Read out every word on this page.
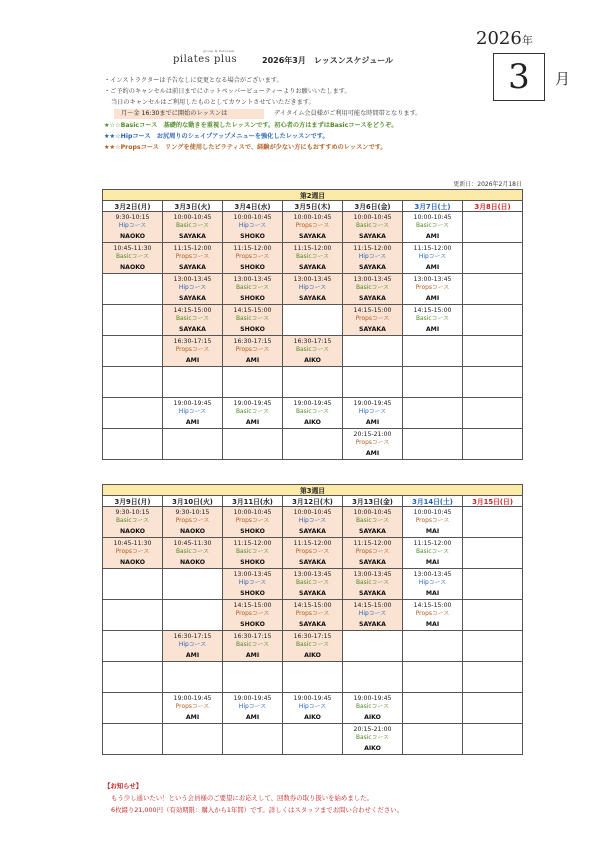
group & Personal
pilates plus	2026年3月　レッスンスケジュール
2026年
3	月
・インストラクターは予告なしに変更となる場合がございます。
・ご予約のキャンセルは前日までにホットペッパービューティーよりお願いいたします。
当日のキャンセルはご利用したものとしてカウントさせていただきます。
月～金 16:30までに開始のレッスンは	デイタイム会員様がご利用可能な時間帯となります。
★☆☆Basicコース　基礎的な動きを重視したレッスンです。初心者の方はまずはBasicコースをどうぞ。
★★☆Hipコース　お尻周りのシェイプアップメニューを強化したレッスンです。
★★☆Propsコース　リングを使用したピラティスで、経験が少ない方にもおすすめのレッスンです。
更新日：2026年2月18日
第2週目						
3月2日(月)	3月3日(火)	3月4日(水)	3月5日(木)	3月6日(金)	3月7日(土)	3月8日(日)

9:30-10:15
Hipコース
NAOKO	10:00-10:45
Basicコース
SAYAKA	10:00-10:45
Hipコース
SHOKO	10:00-10:45
Propsコース
SAYAKA	10:00-10:45
Basicコース
SAYAKA	10:00-10:45
Basicコース
AMI	

10:45-11:30
Basicコース
NAOKO	11:15-12:00
Propsコース
SAYAKA	11:15-12:00
Propsコース
SHOKO	11:15-12:00
Basicコース
SAYAKA	11:15-12:00
Hipコース
SAYAKA	11:15-12:00
Hipコース
AMI	

	13:00-13:45
Hipコース
SAYAKA	13:00-13:45
Basicコース
SHOKO	13:00-13:45
Hipコース
SAYAKA	13:00-13:45
Basicコース
SAYAKA	13:00-13:45
Propsコース
AMI	

	14:15-15:00
Basicコース
SAYAKA	14:15-15:00
Basicコース
SHOKO		14:15-15:00
Propsコース
SAYAKA	14:15-15:00
Basicコース
AMI	

	16:30-17:15
Propsコース
AMI	16:30-17:15
Propsコース
AMI	16:30-17:15
Basicコース
AIKO			

	19:00-19:45
Hipコース
AMI	19:00-19:45
Basicコース
AMI	19:00-19:45
Basicコース
AIKO	19:00-19:45
Hipコース
AMI		

				20:15-21:00
Propsコース
AMI		

第3週目						
3月9日(月)	3月10日(火)	3月11日(水)	3月12日(木)	3月13日(金)	3月14日(土)	3月15日(日)

9:30-10:15
Basicコース
NAOKO	9:30-10:15
Propsコース
NAOKO	10:00-10:45
Propsコース
SHOKO	10:00-10:45
Hipコース
SAYAKA	10:00-10:45
Basicコース
SAYAKA	10:00-10:45
Propsコース
MAI	

10:45-11:30
Propsコース
NAOKO	10:45-11:30
Basicコース
NAOKO	11:15-12:00
Basicコース
SHOKO	11:15-12:00
Propsコース
SAYAKA	11:15-12:00
Propsコース
SAYAKA	11:15-12:00
Basicコース
MAI	

		13:00-13:45
Hipコース
SHOKO	13:00-13:45
Basicコース
SAYAKA	13:00-13:45
Basicコース
SAYAKA	13:00-13:45
Hipコース
MAI	

		14:15-15:00
Propsコース
SHOKO	14:15-15:00
Propsコース
SAYAKA	14:15-15:00
Hipコース
SAYAKA	14:15-15:00
Propsコース
MAI	

	16:30-17:15
Hipコース
AMI	16:30-17:15
Basicコース
AMI	16:30-17:15
Basicコース
AIKO			

	19:00-19:45
Propsコース
AMI	19:00-19:45
Hipコース
AMI	19:00-19:45
Hipコース
AIKO	19:00-19:45
Basicコース
AIKO		

				20:15-21:00
Basicコース
AIKO		

【お知らせ】
もう少し通いたい！という会員様のご要望にお応えして、回数券の取り扱いを始めました。
6枚綴り21,000円（有効期限：購入から1年間）です。詳しくはスタッフまでお問い合わせください。
